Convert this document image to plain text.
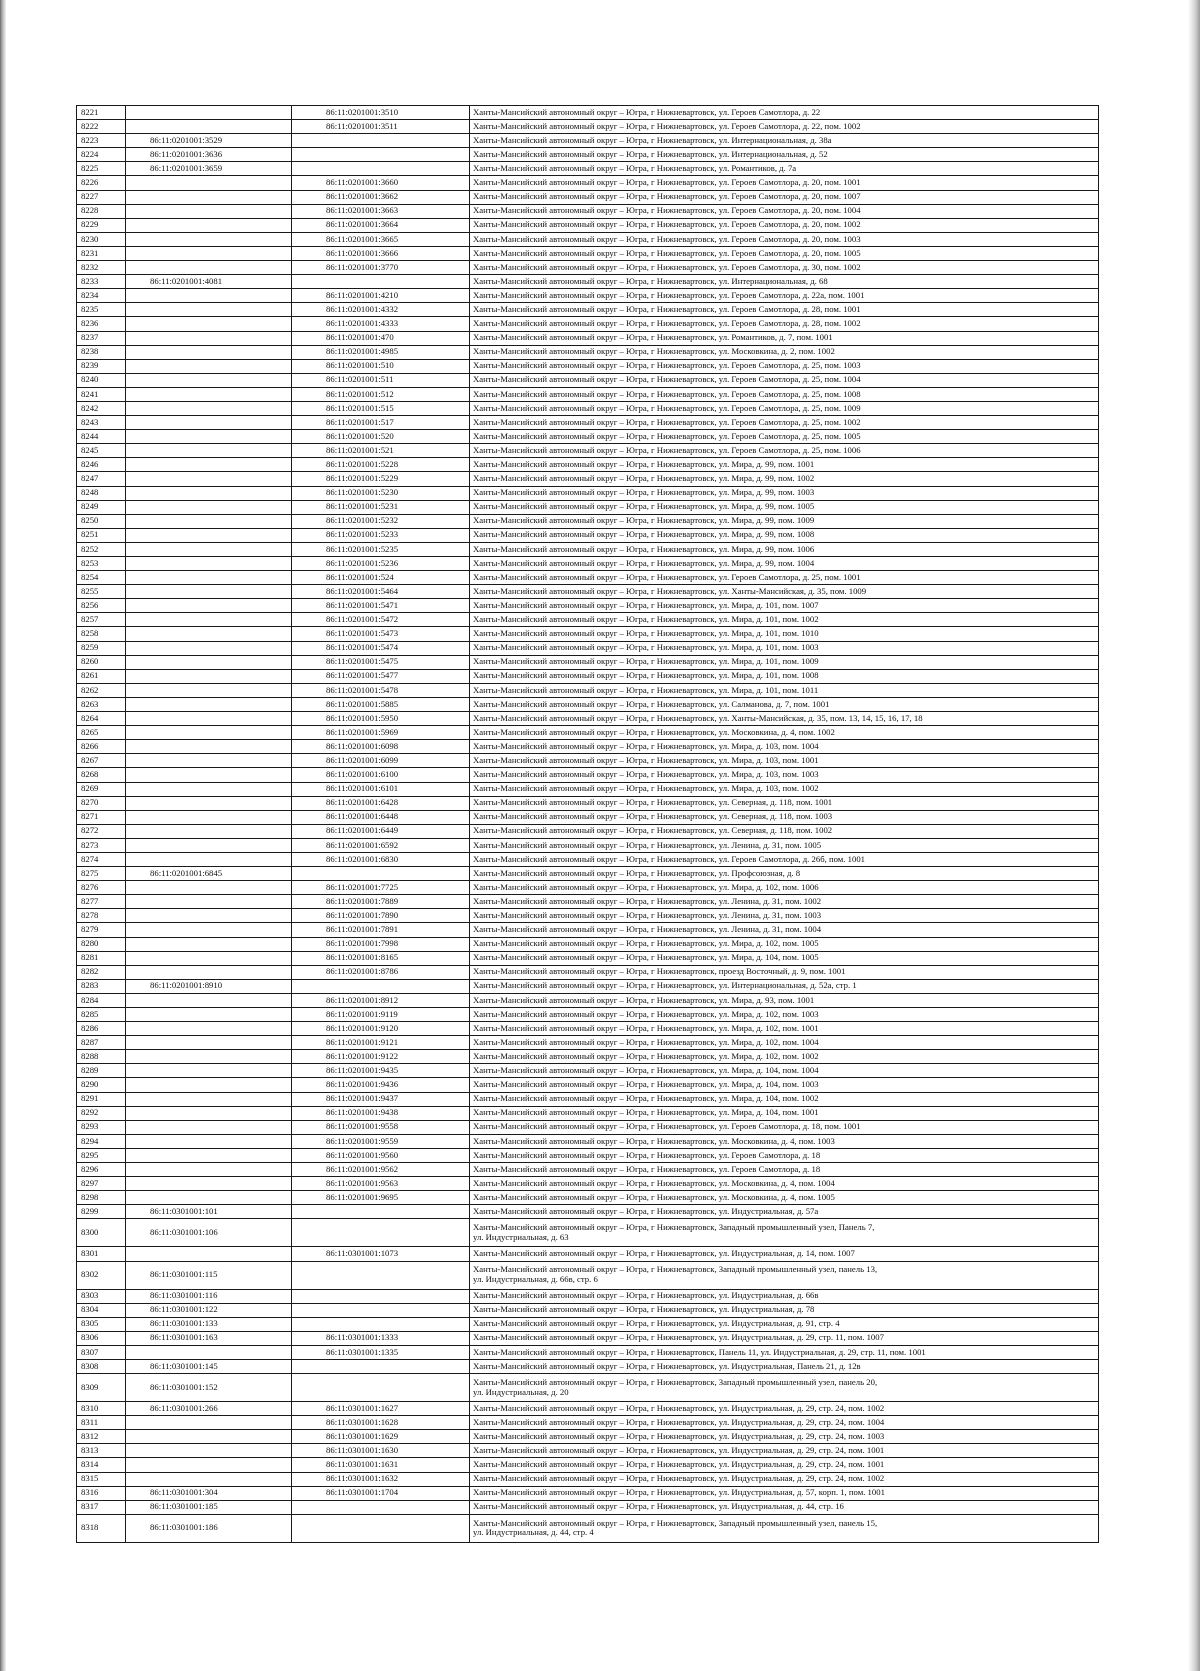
8221		86:11:0201001:3510	Ханты-Мансийский автономный округ – Югра, г Нижневартовск, ул. Героев Самотлора, д. 22
8222		86:11:0201001:3511	Ханты-Мансийский автономный округ – Югра, г Нижневартовск, ул. Героев Самотлора, д. 22, пом. 1002
8223	86:11:0201001:3529		Ханты-Мансийский автономный округ – Югра, г Нижневартовск, ул. Интернациональная, д. 38а
8224	86:11:0201001:3636		Ханты-Мансийский автономный округ – Югра, г Нижневартовск, ул. Интернациональная, д. 52
8225	86:11:0201001:3659		Ханты-Мансийский автономный округ – Югра, г Нижневартовск, ул. Романтиков, д. 7а
8226		86:11:0201001:3660	Ханты-Мансийский автономный округ – Югра, г Нижневартовск, ул. Героев Самотлора, д. 20, пом. 1001
8227		86:11:0201001:3662	Ханты-Мансийский автономный округ – Югра, г Нижневартовск, ул. Героев Самотлора, д. 20, пом. 1007
8228		86:11:0201001:3663	Ханты-Мансийский автономный округ – Югра, г Нижневартовск, ул. Героев Самотлора, д. 20, пом. 1004
8229		86:11:0201001:3664	Ханты-Мансийский автономный округ – Югра, г Нижневартовск, ул. Героев Самотлора, д. 20, пом. 1002
8230		86:11:0201001:3665	Ханты-Мансийский автономный округ – Югра, г Нижневартовск, ул. Героев Самотлора, д. 20, пом. 1003
8231		86:11:0201001:3666	Ханты-Мансийский автономный округ – Югра, г Нижневартовск, ул. Героев Самотлора, д. 20, пом. 1005
8232		86:11:0201001:3770	Ханты-Мансийский автономный округ – Югра, г Нижневартовск, ул. Героев Самотлора, д. 30, пом. 1002
8233	86:11:0201001:4081		Ханты-Мансийский автономный округ – Югра, г Нижневартовск, ул. Интернациональная, д. 68
8234		86:11:0201001:4210	Ханты-Мансийский автономный округ – Югра, г Нижневартовск, ул. Героев Самотлора, д. 22а, пом. 1001
8235		86:11:0201001:4332	Ханты-Мансийский автономный округ – Югра, г Нижневартовск, ул. Героев Самотлора, д. 28, пом. 1001
8236		86:11:0201001:4333	Ханты-Мансийский автономный округ – Югра, г Нижневартовск, ул. Героев Самотлора, д. 28, пом. 1002
8237		86:11:0201001:470	Ханты-Мансийский автономный округ – Югра, г Нижневартовск, ул. Романтиков, д. 7, пом. 1001
8238		86:11:0201001:4985	Ханты-Мансийский автономный округ – Югра, г Нижневартовск, ул. Московкина, д. 2, пом. 1002
8239		86:11:0201001:510	Ханты-Мансийский автономный округ – Югра, г Нижневартовск, ул. Героев Самотлора, д. 25, пом. 1003
8240		86:11:0201001:511	Ханты-Мансийский автономный округ – Югра, г Нижневартовск, ул. Героев Самотлора, д. 25, пом. 1004
8241		86:11:0201001:512	Ханты-Мансийский автономный округ – Югра, г Нижневартовск, ул. Героев Самотлора, д. 25, пом. 1008
8242		86:11:0201001:515	Ханты-Мансийский автономный округ – Югра, г Нижневартовск, ул. Героев Самотлора, д. 25, пом. 1009
8243		86:11:0201001:517	Ханты-Мансийский автономный округ – Югра, г Нижневартовск, ул. Героев Самотлора, д. 25, пом. 1002
8244		86:11:0201001:520	Ханты-Мансийский автономный округ – Югра, г Нижневартовск, ул. Героев Самотлора, д. 25, пом. 1005
8245		86:11:0201001:521	Ханты-Мансийский автономный округ – Югра, г Нижневартовск, ул. Героев Самотлора, д. 25, пом. 1006
8246		86:11:0201001:5228	Ханты-Мансийский автономный округ – Югра, г Нижневартовск, ул. Мира, д. 99, пом. 1001
8247		86:11:0201001:5229	Ханты-Мансийский автономный округ – Югра, г Нижневартовск, ул. Мира, д. 99, пом. 1002
8248		86:11:0201001:5230	Ханты-Мансийский автономный округ – Югра, г Нижневартовск, ул. Мира, д. 99, пом. 1003
8249		86:11:0201001:5231	Ханты-Мансийский автономный округ – Югра, г Нижневартовск, ул. Мира, д. 99, пом. 1005
8250		86:11:0201001:5232	Ханты-Мансийский автономный округ – Югра, г Нижневартовск, ул. Мира, д. 99, пом. 1009
8251		86:11:0201001:5233	Ханты-Мансийский автономный округ – Югра, г Нижневартовск, ул. Мира, д. 99, пом. 1008
8252		86:11:0201001:5235	Ханты-Мансийский автономный округ – Югра, г Нижневартовск, ул. Мира, д. 99, пом. 1006
8253		86:11:0201001:5236	Ханты-Мансийский автономный округ – Югра, г Нижневартовск, ул. Мира, д. 99, пом. 1004
8254		86:11:0201001:524	Ханты-Мансийский автономный округ – Югра, г Нижневартовск, ул. Героев Самотлора, д. 25, пом. 1001
8255		86:11:0201001:5464	Ханты-Мансийский автономный округ – Югра, г Нижневартовск, ул. Ханты-Мансийская, д. 35, пом. 1009
8256		86:11:0201001:5471	Ханты-Мансийский автономный округ – Югра, г Нижневартовск, ул. Мира, д. 101, пом. 1007
8257		86:11:0201001:5472	Ханты-Мансийский автономный округ – Югра, г Нижневартовск, ул. Мира, д. 101, пом. 1002
8258		86:11:0201001:5473	Ханты-Мансийский автономный округ – Югра, г Нижневартовск, ул. Мира, д. 101, пом. 1010
8259		86:11:0201001:5474	Ханты-Мансийский автономный округ – Югра, г Нижневартовск, ул. Мира, д. 101, пом. 1003
8260		86:11:0201001:5475	Ханты-Мансийский автономный округ – Югра, г Нижневартовск, ул. Мира, д. 101, пом. 1009
8261		86:11:0201001:5477	Ханты-Мансийский автономный округ – Югра, г Нижневартовск, ул. Мира, д. 101, пом. 1008
8262		86:11:0201001:5478	Ханты-Мансийский автономный округ – Югра, г Нижневартовск, ул. Мира, д. 101, пом. 1011
8263		86:11:0201001:5885	Ханты-Мансийский автономный округ – Югра, г Нижневартовск, ул. Салманова, д. 7, пом. 1001
8264		86:11:0201001:5950	Ханты-Мансийский автономный округ – Югра, г Нижневартовск, ул. Ханты-Мансийская, д. 35, пом. 13, 14, 15, 16, 17, 18
8265		86:11:0201001:5969	Ханты-Мансийский автономный округ – Югра, г Нижневартовск, ул. Московкина, д. 4, пом. 1002
8266		86:11:0201001:6098	Ханты-Мансийский автономный округ – Югра, г Нижневартовск, ул. Мира, д. 103, пом. 1004
8267		86:11:0201001:6099	Ханты-Мансийский автономный округ – Югра, г Нижневартовск, ул. Мира, д. 103, пом. 1001
8268		86:11:0201001:6100	Ханты-Мансийский автономный округ – Югра, г Нижневартовск, ул. Мира, д. 103, пом. 1003
8269		86:11:0201001:6101	Ханты-Мансийский автономный округ – Югра, г Нижневартовск, ул. Мира, д. 103, пом. 1002
8270		86:11:0201001:6428	Ханты-Мансийский автономный округ – Югра, г Нижневартовск, ул. Северная, д. 118, пом. 1001
8271		86:11:0201001:6448	Ханты-Мансийский автономный округ – Югра, г Нижневартовск, ул. Северная, д. 118, пом. 1003
8272		86:11:0201001:6449	Ханты-Мансийский автономный округ – Югра, г Нижневартовск, ул. Северная, д. 118, пом. 1002
8273		86:11:0201001:6592	Ханты-Мансийский автономный округ – Югра, г Нижневартовск, ул. Ленина, д. 31, пом. 1005
8274		86:11:0201001:6830	Ханты-Мансийский автономный округ – Югра, г Нижневартовск, ул. Героев Самотлора, д. 26б, пом. 1001
8275	86:11:0201001:6845		Ханты-Мансийский автономный округ – Югра, г Нижневартовск, ул. Профсоюзная, д. 8
8276		86:11:0201001:7725	Ханты-Мансийский автономный округ – Югра, г Нижневартовск, ул. Мира, д. 102, пом. 1006
8277		86:11:0201001:7889	Ханты-Мансийский автономный округ – Югра, г Нижневартовск, ул. Ленина, д. 31, пом. 1002
8278		86:11:0201001:7890	Ханты-Мансийский автономный округ – Югра, г Нижневартовск, ул. Ленина, д. 31, пом. 1003
8279		86:11:0201001:7891	Ханты-Мансийский автономный округ – Югра, г Нижневартовск, ул. Ленина, д. 31, пом. 1004
8280		86:11:0201001:7998	Ханты-Мансийский автономный округ – Югра, г Нижневартовск, ул. Мира, д. 102, пом. 1005
8281		86:11:0201001:8165	Ханты-Мансийский автономный округ – Югра, г Нижневартовск, ул. Мира, д. 104, пом. 1005
8282		86:11:0201001:8786	Ханты-Мансийский автономный округ – Югра, г Нижневартовск, проезд Восточный, д. 9, пом. 1001
8283	86:11:0201001:8910		Ханты-Мансийский автономный округ – Югра, г Нижневартовск, ул. Интернациональная, д. 52а, стр. 1
8284		86:11:0201001:8912	Ханты-Мансийский автономный округ – Югра, г Нижневартовск, ул. Мира, д. 93, пом. 1001
8285		86:11:0201001:9119	Ханты-Мансийский автономный округ – Югра, г Нижневартовск, ул. Мира, д. 102, пом. 1003
8286		86:11:0201001:9120	Ханты-Мансийский автономный округ – Югра, г Нижневартовск, ул. Мира, д. 102, пом. 1001
8287		86:11:0201001:9121	Ханты-Мансийский автономный округ – Югра, г Нижневартовск, ул. Мира, д. 102, пом. 1004
8288		86:11:0201001:9122	Ханты-Мансийский автономный округ – Югра, г Нижневартовск, ул. Мира, д. 102, пом. 1002
8289		86:11:0201001:9435	Ханты-Мансийский автономный округ – Югра, г Нижневартовск, ул. Мира, д. 104, пом. 1004
8290		86:11:0201001:9436	Ханты-Мансийский автономный округ – Югра, г Нижневартовск, ул. Мира, д. 104, пом. 1003
8291		86:11:0201001:9437	Ханты-Мансийский автономный округ – Югра, г Нижневартовск, ул. Мира, д. 104, пом. 1002
8292		86:11:0201001:9438	Ханты-Мансийский автономный округ – Югра, г Нижневартовск, ул. Мира, д. 104, пом. 1001
8293		86:11:0201001:9558	Ханты-Мансийский автономный округ – Югра, г Нижневартовск, ул. Героев Самотлора, д. 18, пом. 1001
8294		86:11:0201001:9559	Ханты-Мансийский автономный округ – Югра, г Нижневартовск, ул. Московкина, д. 4, пом. 1003
8295		86:11:0201001:9560	Ханты-Мансийский автономный округ – Югра, г Нижневартовск, ул. Героев Самотлора, д. 18
8296		86:11:0201001:9562	Ханты-Мансийский автономный округ – Югра, г Нижневартовск, ул. Героев Самотлора, д. 18
8297		86:11:0201001:9563	Ханты-Мансийский автономный округ – Югра, г Нижневартовск, ул. Московкина, д. 4, пом. 1004
8298		86:11:0201001:9695	Ханты-Мансийский автономный округ – Югра, г Нижневартовск, ул. Московкина, д. 4, пом. 1005
8299	86:11:0301001:101		Ханты-Мансийский автономный округ – Югра, г Нижневартовск, ул. Индустриальная, д. 57а
8300	86:11:0301001:106		Ханты-Мансийский автономный округ – Югра, г Нижневартовск, Западный промышленный узел, Панель 7,
ул. Индустриальная, д. 63
8301		86:11:0301001:1073	Ханты-Мансийский автономный округ – Югра, г Нижневартовск, ул. Индустриальная, д. 14, пом. 1007
8302	86:11:0301001:115		Ханты-Мансийский автономный округ – Югра, г Нижневартовск, Западный промышленный узел, панель 13,
ул. Индустриальная, д. 66в, стр. 6
8303	86:11:0301001:116		Ханты-Мансийский автономный округ – Югра, г Нижневартовск, ул. Индустриальная, д. 66в
8304	86:11:0301001:122		Ханты-Мансийский автономный округ – Югра, г Нижневартовск, ул. Индустриальная, д. 78
8305	86:11:0301001:133		Ханты-Мансийский автономный округ – Югра, г Нижневартовск, ул. Индустриальная, д. 91, стр. 4
8306	86:11:0301001:163	86:11:0301001:1333	Ханты-Мансийский автономный округ – Югра, г Нижневартовск, ул. Индустриальная, д. 29, стр. 11, пом. 1007
8307		86:11:0301001:1335	Ханты-Мансийский автономный округ – Югра, г Нижневартовск, Панель 11, ул. Индустриальная, д. 29, стр. 11, пом. 1001
8308	86:11:0301001:145		Ханты-Мансийский автономный округ – Югра, г Нижневартовск, ул. Индустриальная, Панель 21, д. 12в
8309	86:11:0301001:152		Ханты-Мансийский автономный округ – Югра, г Нижневартовск, Западный промышленный узел, панель 20,
ул. Индустриальная, д. 20
8310	86:11:0301001:266	86:11:0301001:1627	Ханты-Мансийский автономный округ – Югра, г Нижневартовск, ул. Индустриальная, д. 29, стр. 24, пом. 1002
8311		86:11:0301001:1628	Ханты-Мансийский автономный округ – Югра, г Нижневартовск, ул. Индустриальная, д. 29, стр. 24, пом. 1004
8312		86:11:0301001:1629	Ханты-Мансийский автономный округ – Югра, г Нижневартовск, ул. Индустриальная, д. 29, стр. 24, пом. 1003
8313		86:11:0301001:1630	Ханты-Мансийский автономный округ – Югра, г Нижневартовск, ул. Индустриальная, д. 29, стр. 24, пом. 1001
8314		86:11:0301001:1631	Ханты-Мансийский автономный округ – Югра, г Нижневартовск, ул. Индустриальная, д. 29, стр. 24, пом. 1001
8315		86:11:0301001:1632	Ханты-Мансийский автономный округ – Югра, г Нижневартовск, ул. Индустриальная, д. 29, стр. 24, пом. 1002
8316	86:11:0301001:304	86:11:0301001:1704	Ханты-Мансийский автономный округ – Югра, г Нижневартовск, ул. Индустриальная, д. 57, корп. 1, пом. 1001
8317	86:11:0301001:185		Ханты-Мансийский автономный округ – Югра, г Нижневартовск, ул. Индустриальная, д. 44, стр. 16
8318	86:11:0301001:186		Ханты-Мансийский автономный округ – Югра, г Нижневартовск, Западный промышленный узел, панель 15,
ул. Индустриальная, д. 44, стр. 4
